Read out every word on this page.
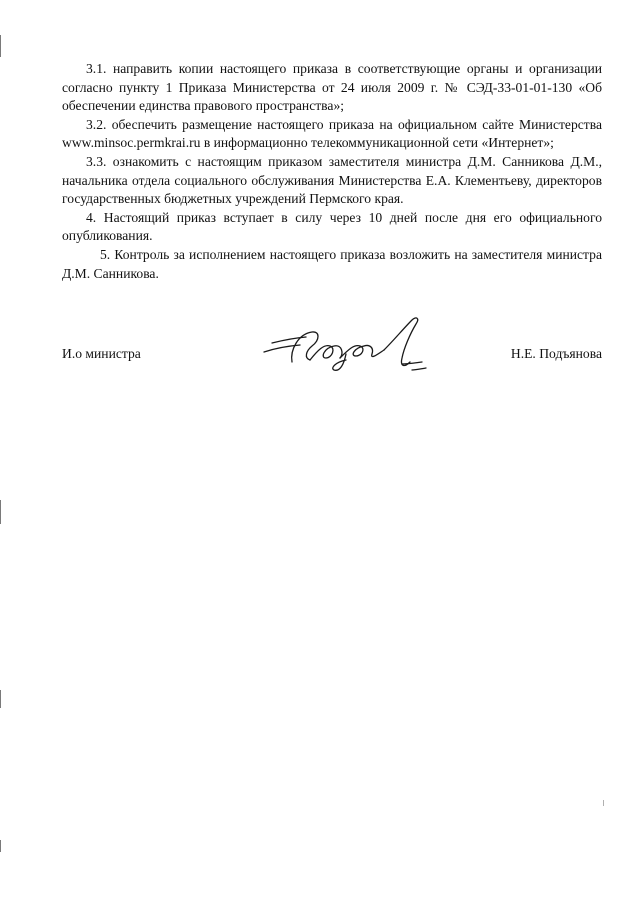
3.1. направить копии настоящего приказа в соответствующие органы и организации согласно пункту 1 Приказа Министерства от 24 июля 2009 г. № СЭД-33-01-01-130 «Об обеспечении единства правового пространства»;

3.2. обеспечить размещение настоящего приказа на официальном сайте Министерства www.minsoc.permkrai.ru в информационно телекоммуникационной сети «Интернет»;

3.3. ознакомить с настоящим приказом заместителя министра Д.М. Санникова Д.М., начальника отдела социального обслуживания Министерства Е.А. Клементьеву, директоров государственных бюджетных учреждений Пермского края.

4. Настоящий приказ вступает в силу через 10 дней после дня его официального опубликования.

5. Контроль за исполнением настоящего приказа возложить на заместителя министра Д.М. Санникова.

И.о министра	Н.Е. Подъянова
